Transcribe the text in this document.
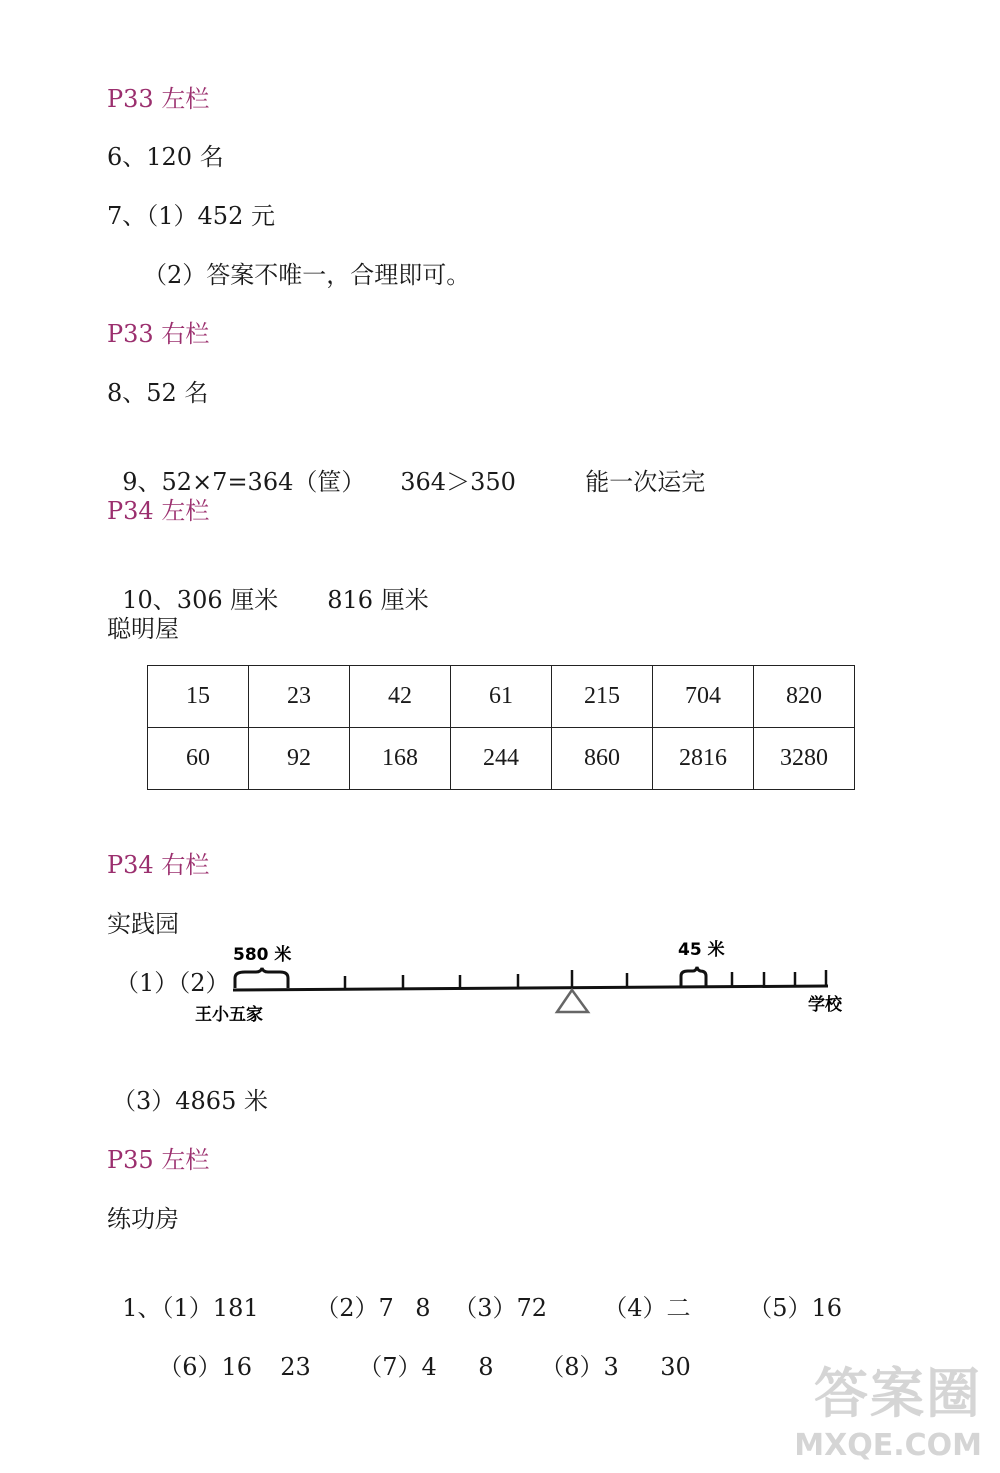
P33 左栏
6、120 名
7、（1）452 元
（2）答案不唯一，合理即可。
P33 右栏
8、52 名

9、52×7=364（筐） 364＞350	能一次运完

P34 左栏

10、306 厘米 816 厘米

聪明屋
15	23	42	61	215	704	820
60	92	168	244	860	2816	3280
P34 右栏
实践园
（1）（2）
580 米	45 米
王小五家	学校
（3）4865 米
P35 左栏
练功房

1、（1）181 （2）7 8 （3）72 （4）二 （5）16

（6）16 23 （7）4 8 （8）3 30	答案圈
MXQE.COM
